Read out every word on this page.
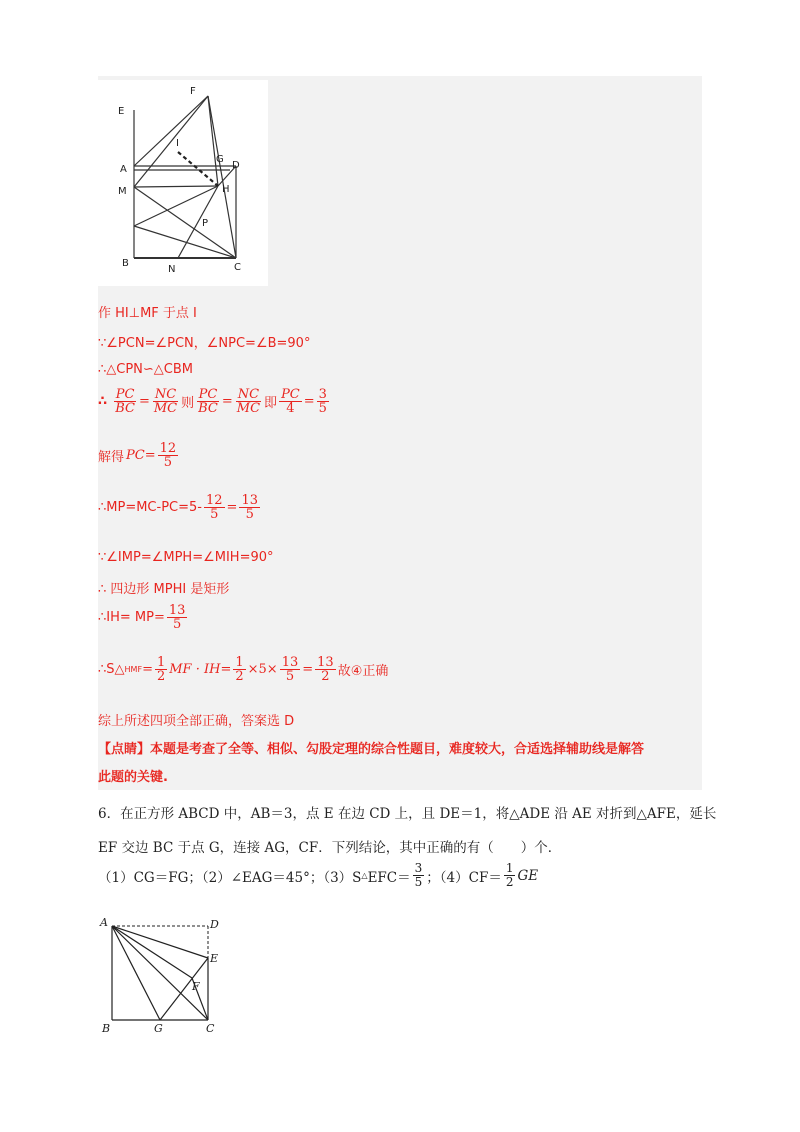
E
F
A	D
G
I
M	H
P
B
N	C
作 HI⊥MF 于点 I
∵∠PCN=∠PCN，∠NPC=∠B=90°
∴△CPN∽△CBM
∴
$\frac{PC}{BC} = \frac{NC}{MC}$ 则 $\frac{PC}{BC} = \frac{NC}{MC}$ 即 $\frac{PC}{4} = \frac{3}{5}$
解得 PC = $\frac{12}{5}$
∴MP=MC-PC=5- $\frac{12}{5} = \frac{13}{5}$
∵∠IMP=∠MPH=∠MIH=90°
∴ 四边形 MPHI 是矩形
∴IH= MP = $\frac{13}{5}$
∴S△ HMF = $\frac{1}{2}$ MF · IH = $\frac{1}{2} \times 5\times \frac{13}{5} = \frac{13}{2}$ 故④正确
综上所述四项全部正确，答案选 D
【点睛】本题是考查了全等、相似、勾股定理的综合性题目，难度较大，合适选择辅助线是解答
此题的关键.
6．在正方形 ABCD 中，AB＝3，点 E 在边 CD 上，且 DE＝1，将△ADE 沿 AE 对折到△AFE，延长
EF 交边 BC 于点 G，连接 AG，CF．下列结论，其中正确的有（　　）个．
（1）CG＝FG；（2）∠EAG＝45°；（3）S △ $EFC= \frac{3}{5}$ ；$(4)CF= \frac{1}{2}$ GE
A	D
E
F
B	G	C
